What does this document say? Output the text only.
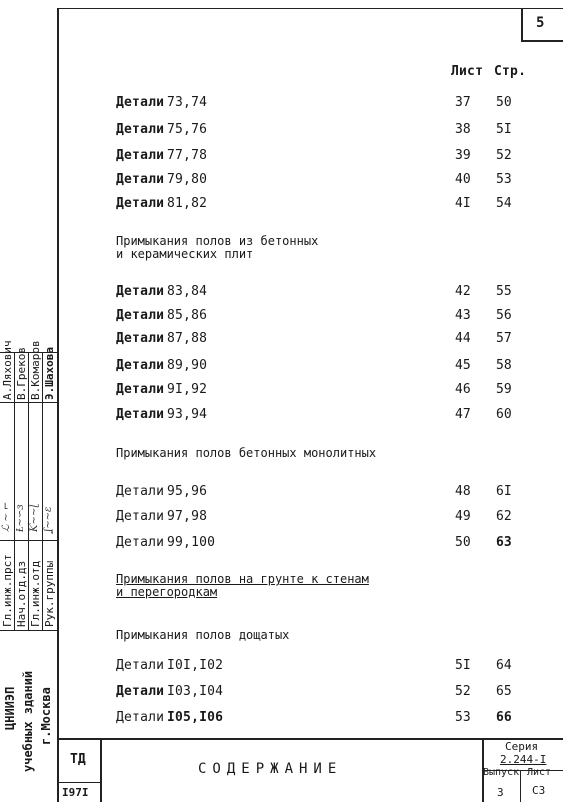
5
Лист Стр.
Детали 73,74	37 50
Детали 75,76	38 5I
Детали 77,78	39 52
Детали 79,80	40 53
Детали 81,82	4I 54
Примыкания полов из бетонных
и керамических плит
Детали 83,84	42 55
Детали 85,86	43 56
Детали 87,88	44 57
Детали 89,90	45 58
Детали 9I,92	46 59
Детали 93,94	47 60
Примыкания полов бетонных монолитных
Детали 95,96	48 6I
Детали 97,98	49 62
Детали 99,100	50 63
Примыкания полов на грунте к стенам
и перегородкам
Примыкания полов дощатых
Детали I0I,I02	5I 64
Детали I03,I04	52 65
Детали I05,I06	53 66
Гл.инж.прст Нач.отд.дз Гл.инж.отд Рук.группы
ℒ ∼ ⌐ Ɫ∼∽ɜ Ƙ∼∼ɭ ʆ∼∼ɛ
А.Ляхович В.Греков В.Комаров Э.Шахова
ЦНИИЭП учебных зданий г.Москва
ТД
I97I
СОДЕРЖАНИЕ
Серия
2.244-I
Выпуск Лист
3	С3
